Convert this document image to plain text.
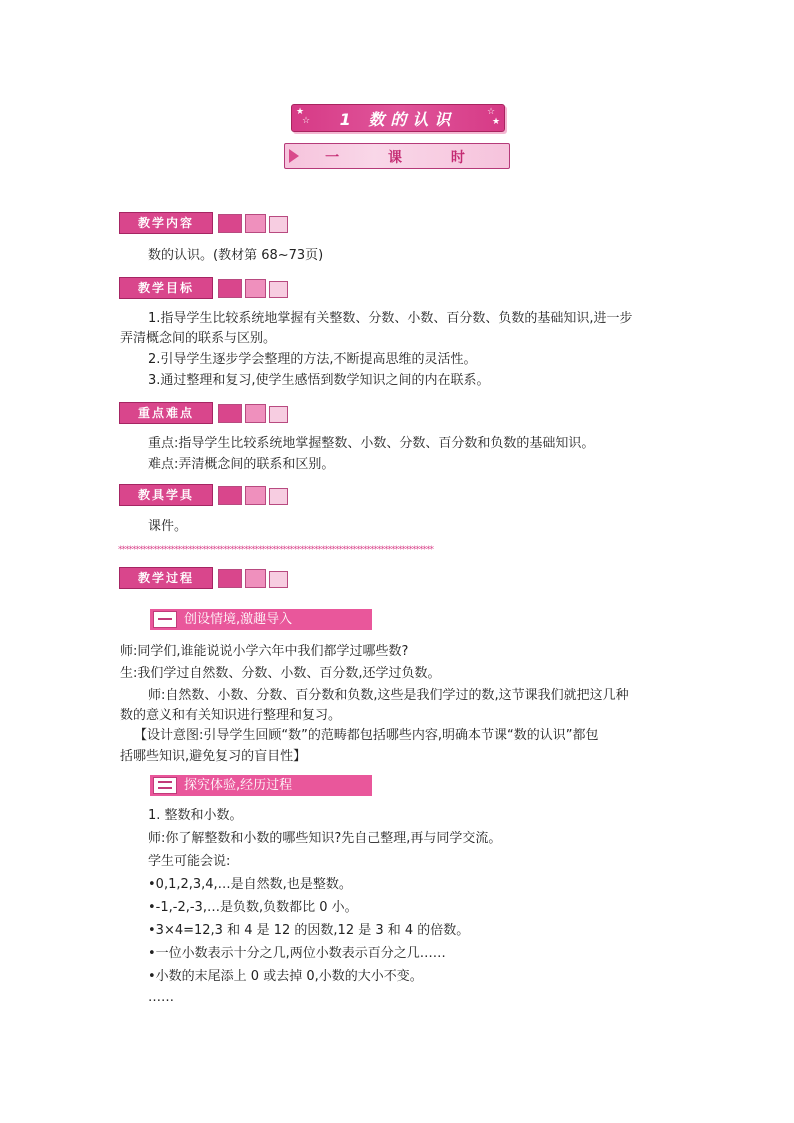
★
☆
☆
★
1 数的认识
一 课 时
教学内容
数的认识。(教材第 68~73页)
教学目标
1.指导学生比较系统地掌握有关整数、分数、小数、百分数、负数的基础知识,进一步
弄清概念间的联系与区别。
2.引导学生逐步学会整理的方法,不断提高思维的灵活性。
3.通过整理和复习,使学生感悟到数学知识之间的内在联系。
重点难点
重点:指导学生比较系统地掌握整数、小数、分数、百分数和负数的基础知识。
难点:弄清概念间的联系和区别。
教具学具
课件。
******************************************************************************************
教学过程
创设情境,激趣导入
师:同学们,谁能说说小学六年中我们都学过哪些数?
生:我们学过自然数、分数、小数、百分数,还学过负数。
师:自然数、小数、分数、百分数和负数,这些是我们学过的数,这节课我们就把这几种
数的意义和有关知识进行整理和复习。
【设计意图:引导学生回顾“数”的范畴都包括哪些内容,明确本节课“数的认识”都包
括哪些知识,避免复习的盲目性】
探究体验,经历过程
1. 整数和小数。
师:你了解整数和小数的哪些知识?先自己整理,再与同学交流。
学生可能会说:
•0,1,2,3,4,…是自然数,也是整数。
•-1,-2,-3,…是负数,负数都比 0 小。
•3×4=12,3 和 4 是 12 的因数,12 是 3 和 4 的倍数。
•一位小数表示十分之几,两位小数表示百分之几……
•小数的末尾添上 0 或去掉 0,小数的大小不变。
……
